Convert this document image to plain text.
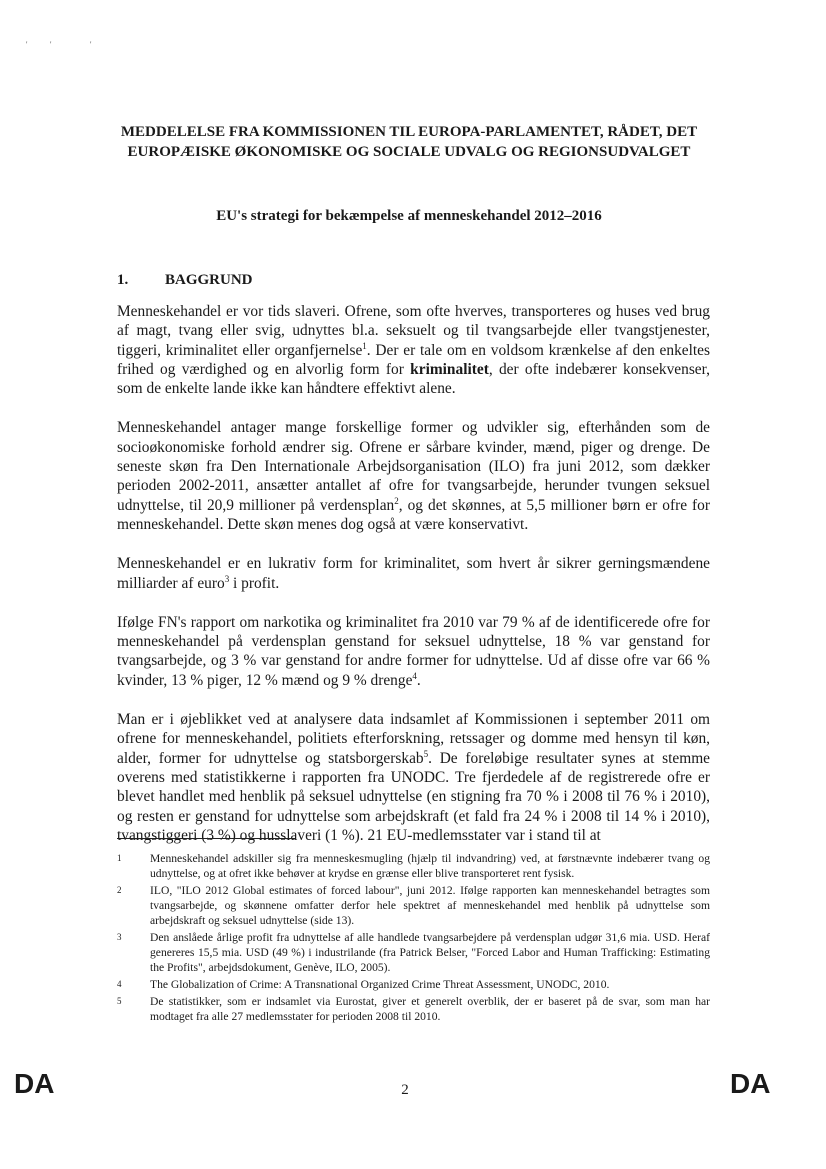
'	'	'
MEDDELELSE FRA KOMMISSIONEN TIL EUROPA-PARLAMENTET, RÅDET, DET EUROPÆISKE ØKONOMISKE OG SOCIALE UDVALG OG REGIONSUDVALGET
EU's strategi for bekæmpelse af menneskehandel 2012–2016
1. BAGGRUND

Menneskehandel er vor tids slaveri. Ofrene, som ofte hverves, transporteres og huses ved brug af magt, tvang eller svig, udnyttes bl.a. seksuelt og til tvangsarbejde eller tvangstjenester, tiggeri, kriminalitet eller organfjernelse$^1$. Der er tale om en voldsom krænkelse af den enkeltes frihed og værdighed og en alvorlig form for kriminalitet, der ofte indebærer konsekvenser, som de enkelte lande ikke kan håndtere effektivt alene.

Menneskehandel antager mange forskellige former og udvikler sig, efterhånden som de socioøkonomiske forhold ændrer sig. Ofrene er sårbare kvinder, mænd, piger og drenge. De seneste skøn fra Den Internationale Arbejdsorganisation (ILO) fra juni 2012, som dækker perioden 2002-2011, ansætter antallet af ofre for tvangsarbejde, herunder tvungen seksuel udnyttelse, til 20,9 millioner på verdensplan$^2$, og det skønnes, at 5,5 millioner børn er ofre for menneskehandel. Dette skøn menes dog også at være konservativt.

Menneskehandel er en lukrativ form for kriminalitet, som hvert år sikrer gerningsmændene milliarder af euro$^3$ i profit.

Ifølge FN's rapport om narkotika og kriminalitet fra 2010 var 79 % af de identificerede ofre for menneskehandel på verdensplan genstand for seksuel udnyttelse, 18 % var genstand for tvangsarbejde, og 3 % var genstand for andre former for udnyttelse. Ud af disse ofre var 66 % kvinder, 13 % piger, 12 % mænd og 9 % drenge$^4$.

Man er i øjeblikket ved at analysere data indsamlet af Kommissionen i september 2011 om ofrene for menneskehandel, politiets efterforskning, retssager og domme med hensyn til køn, alder, former for udnyttelse og statsborgerskab$^5$. De foreløbige resultater synes at stemme overens med statistikkerne i rapporten fra UNODC. Tre fjerdedele af de registrerede ofre er blevet handlet med henblik på seksuel udnyttelse (en stigning fra 70 % i 2008 til 76 % i 2010), og resten er genstand for udnyttelse som arbejdskraft (et fald fra 24 % i 2008 til 14 % i 2010), tvangstiggeri (3 %) og husslaveri (1 %). 21 EU-medlemsstater var i stand til at

1	Menneskehandel adskiller sig fra menneskesmugling (hjælp til indvandring) ved, at førstnævnte indebærer tvang og udnyttelse, og at ofret ikke behøver at krydse en grænse eller blive transporteret rent fysisk.
2	ILO, "ILO 2012 Global estimates of forced labour", juni 2012. Ifølge rapporten kan menneskehandel betragtes som tvangsarbejde, og skønnene omfatter derfor hele spektret af menneskehandel med henblik på udnyttelse som arbejdskraft og seksuel udnyttelse (side 13).
3	Den anslåede årlige profit fra udnyttelse af alle handlede tvangsarbejdere på verdensplan udgør 31,6 mia. USD. Heraf genereres 15,5 mia. USD (49 %) i industrilande (fra Patrick Belser, "Forced Labor and Human Trafficking: Estimating the Profits", arbejdsdokument, Genève, ILO, 2005).
4	The Globalization of Crime: A Transnational Organized Crime Threat Assessment, UNODC, 2010.
5	De statistikker, som er indsamlet via Eurostat, giver et generelt overblik, der er baseret på de svar, som man har modtaget fra alle 27 medlemsstater for perioden 2008 til 2010.
DA	2	DA
